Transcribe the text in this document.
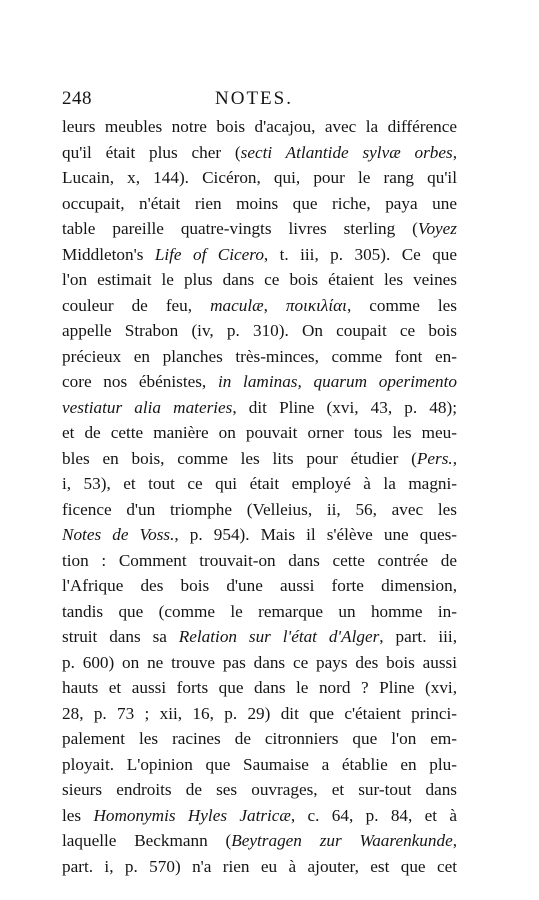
248	NOTES.
leurs meubles notre bois d'acajou, avec la différence
qu'il était plus cher (secti Atlantide sylvæ orbes,
Lucain, x, 144). Cicéron, qui, pour le rang qu'il
occupait, n'était rien moins que riche, paya une
table pareille quatre-vingts livres sterling (Voyez
Middleton's Life of Cicero, t. iii, p. 305). Ce que
l'on estimait le plus dans ce bois étaient les veines
couleur de feu, maculæ, ποικιλίαι, comme les
appelle Strabon (iv, p. 310). On coupait ce bois
précieux en planches très-minces, comme font en-
core nos ébénistes, in laminas, quarum operimento
vestiatur alia materies, dit Pline (xvi, 43, p. 48);
et de cette manière on pouvait orner tous les meu-
bles en bois, comme les lits pour étudier (Pers.,
i, 53), et tout ce qui était employé à la magni-
ficence d'un triomphe (Velleius, ii, 56, avec les
Notes de Voss., p. 954). Mais il s'élève une ques-
tion : Comment trouvait-on dans cette contrée de
l'Afrique des bois d'une aussi forte dimension,
tandis que (comme le remarque un homme in-
struit dans sa Relation sur l'état d'Alger, part. iii,
p. 600) on ne trouve pas dans ce pays des bois aussi
hauts et aussi forts que dans le nord ? Pline (xvi,
28, p. 73 ; xii, 16, p. 29) dit que c'étaient princi-
palement les racines de citronniers que l'on em-
ployait. L'opinion que Saumaise a établie en plu-
sieurs endroits de ses ouvrages, et sur-tout dans
les Homonymis Hyles Jatricæ, c. 64, p. 84, et à
laquelle Beckmann (Beytragen zur Waarenkunde,
part. i, p. 570) n'a rien eu à ajouter, est que cet
